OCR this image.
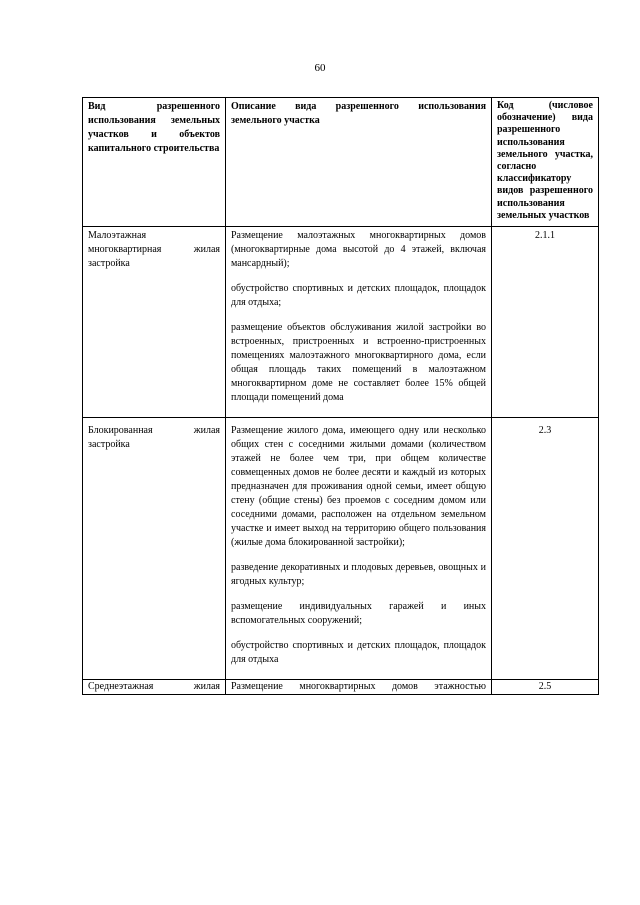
60
Вид разрешенного использования земельных участков и объектов капитального строительства	Описание вида разрешенного использования земельного участка	Код (числовое обозначение) вида разрешенного использования земельного участка, согласно классификатору видов разрешенного использования земельных участков
Малоэтажная многоквартирная жилая застройка	Размещение малоэтажных многоквартирных домов (многоквартирные дома высотой до 4 этажей, включая мансардный);

обустройство спортивных и детских площадок, площадок для отдыха;

размещение объектов обслуживания жилой застройки во встроенных, пристроенных и встроенно-пристроенных помещениях малоэтажного многоквартирного дома, если общая площадь таких помещений в малоэтажном многоквартирном доме не составляет более 15% общей площади помещений дома	2.1.1
Блокированная жилая застройка	Размещение жилого дома, имеющего одну или несколько общих стен с соседними жилыми домами (количеством этажей не более чем три, при общем количестве совмещенных домов не более десяти и каждый из которых предназначен для проживания одной семьи, имеет общую стену (общие стены) без проемов с соседним домом или соседними домами, расположен на отдельном земельном участке и имеет выход на территорию общего пользования (жилые дома блокированной застройки);

разведение декоративных и плодовых деревьев, овощных и ягодных культур;

размещение индивидуальных гаражей и иных вспомогательных сооружений;

обустройство спортивных и детских площадок, площадок для отдыха	2.3
Среднеэтажная жилая	Размещение многоквартирных домов этажностью	2.5
